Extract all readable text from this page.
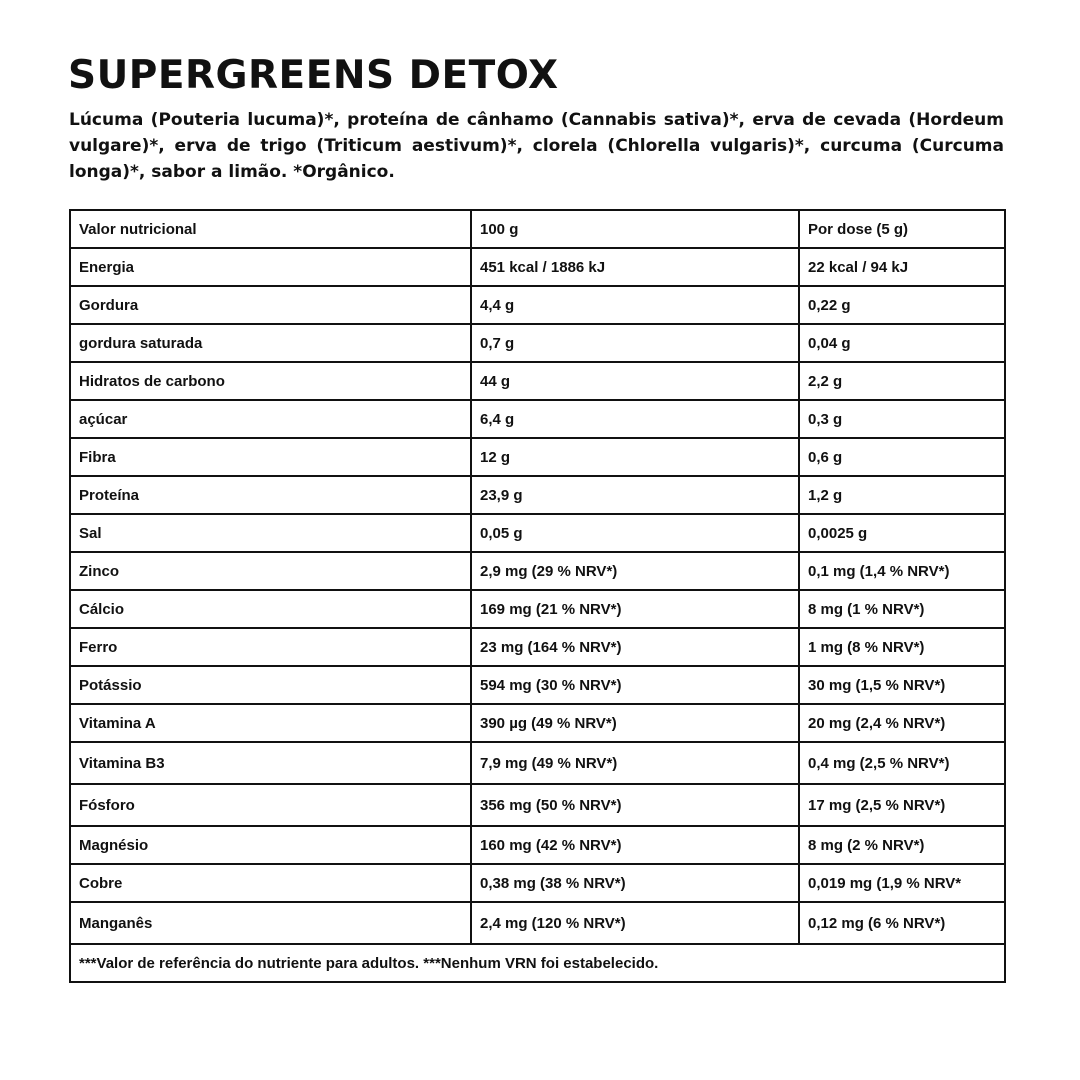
SUPERGREENS DETOX

Lúcuma (Pouteria lucuma)*, proteína de cânhamo (Cannabis sativa)*, erva de cevada (Hordeum vulgare)*, erva de trigo (Triticum aestivum)*, clorela (Chlorella vulgaris)*, curcuma (Curcuma longa)*, sabor a limão. *Orgânico.

Valor nutricional	100 g	Por dose (5 g)
Energia	451 kcal / 1886 kJ	22 kcal / 94 kJ
Gordura	4,4 g	0,22 g
gordura saturada	0,7 g	0,04 g
Hidratos de carbono	44 g	2,2 g
açúcar	6,4 g	0,3 g
Fibra	12 g	0,6 g
Proteína	23,9 g	1,2 g
Sal	0,05 g	0,0025 g
Zinco	2,9 mg (29 % NRV*)	0,1 mg (1,4 % NRV*)
Cálcio	169 mg (21 % NRV*)	8 mg (1 % NRV*)
Ferro	23 mg (164 % NRV*)	1 mg (8 % NRV*)
Potássio	594 mg (30 % NRV*)	30 mg (1,5 % NRV*)
Vitamina A	390 µg (49 % NRV*)	20 mg (2,4 % NRV*)
Vitamina B3	7,9 mg (49 % NRV*)	0,4 mg (2,5 % NRV*)
Fósforo	356 mg (50 % NRV*)	17 mg (2,5 % NRV*)
Magnésio	160 mg (42 % NRV*)	8 mg (2 % NRV*)
Cobre	0,38 mg (38 % NRV*)	0,019 mg (1,9 % NRV*
Manganês	2,4 mg (120 % NRV*)	0,12 mg (6 % NRV*)
***Valor de referência do nutriente para adultos. ***Nenhum VRN foi estabelecido.		
